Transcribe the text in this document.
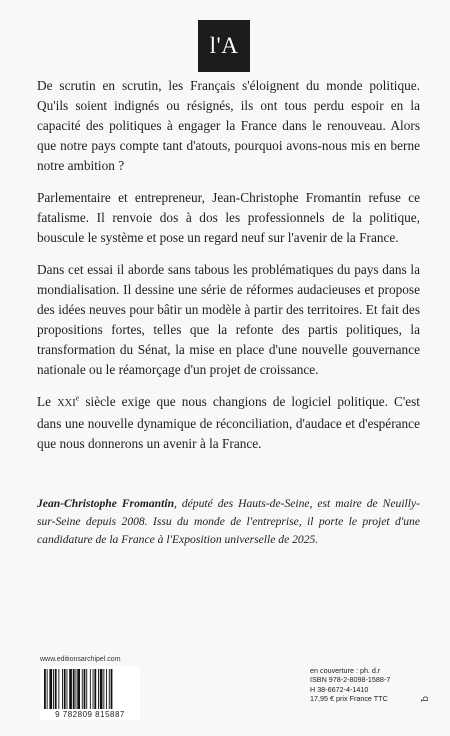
l'A

De scrutin en scrutin, les Français s'éloignent du monde politique. Qu'ils soient indignés ou résignés, ils ont tous perdu espoir en la capacité des politiques à engager la France dans le renouveau. Alors que notre pays compte tant d'atouts, pourquoi avons-nous mis en berne notre ambition ?

Parlementaire et entrepreneur, Jean-Christophe Fromantin refuse ce fatalisme. Il renvoie dos à dos les professionnels de la politique, bouscule le système et pose un regard neuf sur l'avenir de la France.

Dans cet essai il aborde sans tabous les problématiques du pays dans la mondialisation. Il dessine une série de réformes audacieuses et propose des idées neuves pour bâtir un modèle à partir des territoires. Et fait des propositions fortes, telles que la refonte des partis politiques, la transformation du Sénat, la mise en place d'une nouvelle gouvernance nationale ou le réamorçage d'un projet de croissance.

Le XXIe siècle exige que nous changions de logiciel politique. C'est dans une nouvelle dynamique de réconciliation, d'audace et d'espérance que nous donnerons un avenir à la France.

Jean-Christophe Fromantin, député des Hauts-de-Seine, est maire de Neuilly-sur-Seine depuis 2008. Issu du monde de l'entreprise, il porte le projet d'une candidature de la France à l'Exposition universelle de 2025.
www.editionsarchipel.com
9 782809 815887
en couverture : ph. d.r
ISBN 978-2-8098-1588-7
H 38-6672-4-1410
17,95 € prix France TTC	ꝗ
